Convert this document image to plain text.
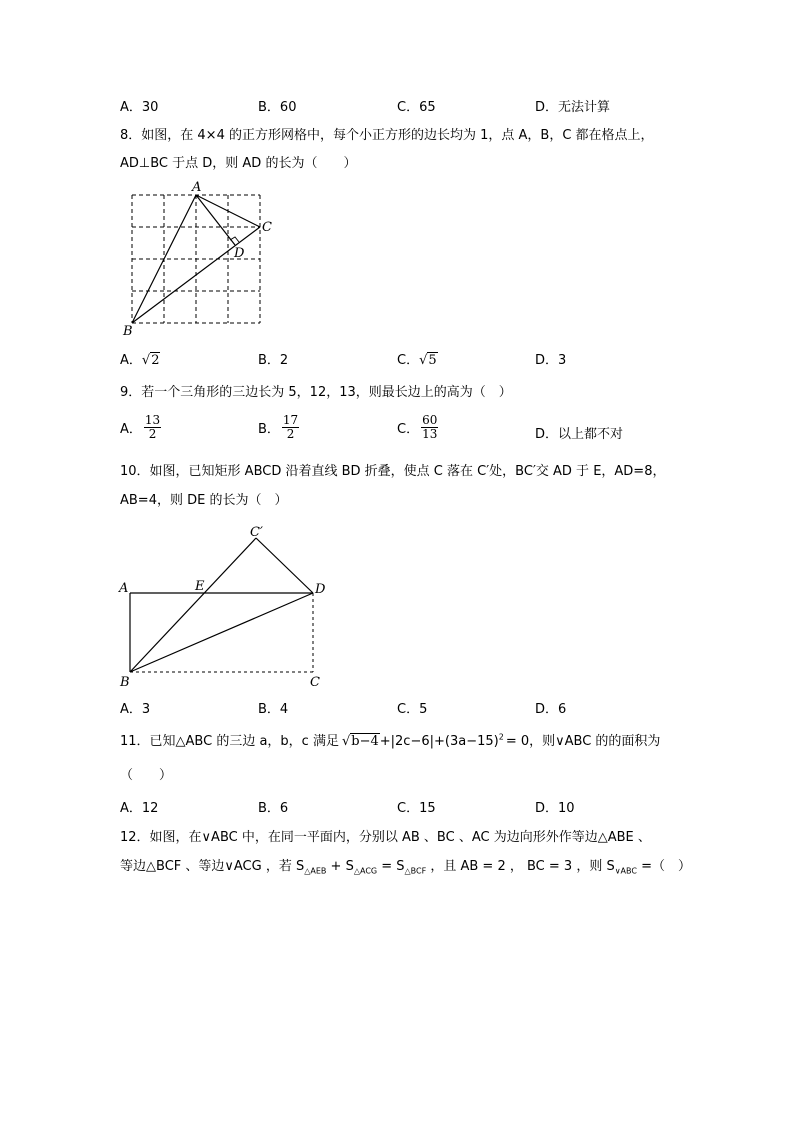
A．30	B．60	C．65	D．无法计算
8．如图，在 4×4 的正方形网格中，每个小正方形的边长均为 1，点 A，B，C 都在格点上，
AD⊥BC 于点 D，则 AD 的长为（　　）
A
B
C
D
A．√2	B．2	C．√5	D．3
9．若一个三角形的三边长为 5，12，13，则最长边上的高为（　）
A． $\frac{13}{2}$	B． $\frac{17}{2}$	C． $\frac{60}{13}$	D．以上都不对
10．如图，已知矩形 ABCD 沿着直线 BD 折叠，使点 C 落在 C′处，BC′交 AD 于 E，AD=8，
AB=4，则 DE 的长为（　）
A
B	C
D
E
C′
A．3	B．4	C．5	D．6
11．已知△ABC 的三边 a，b，c 满足 $√b-4+|2c-6|+(3a-15)^2 = 0$，则∨ABC 的的面积为
（　　）
A．12	B．6	C．15	D．10
12．如图，在∨ABC 中，在同一平面内，分别以 AB 、BC 、AC 为边向形外作等边△ABE 、
等边△BCF 、等边∨ACG ，若 $S_{\triangle AEB} + S_{\triangle ACG} = S_{\triangle BCF}$ ，且 AB = 2 ， BC = 3 ，则 $S_{\vee ABC}$ =（　）
